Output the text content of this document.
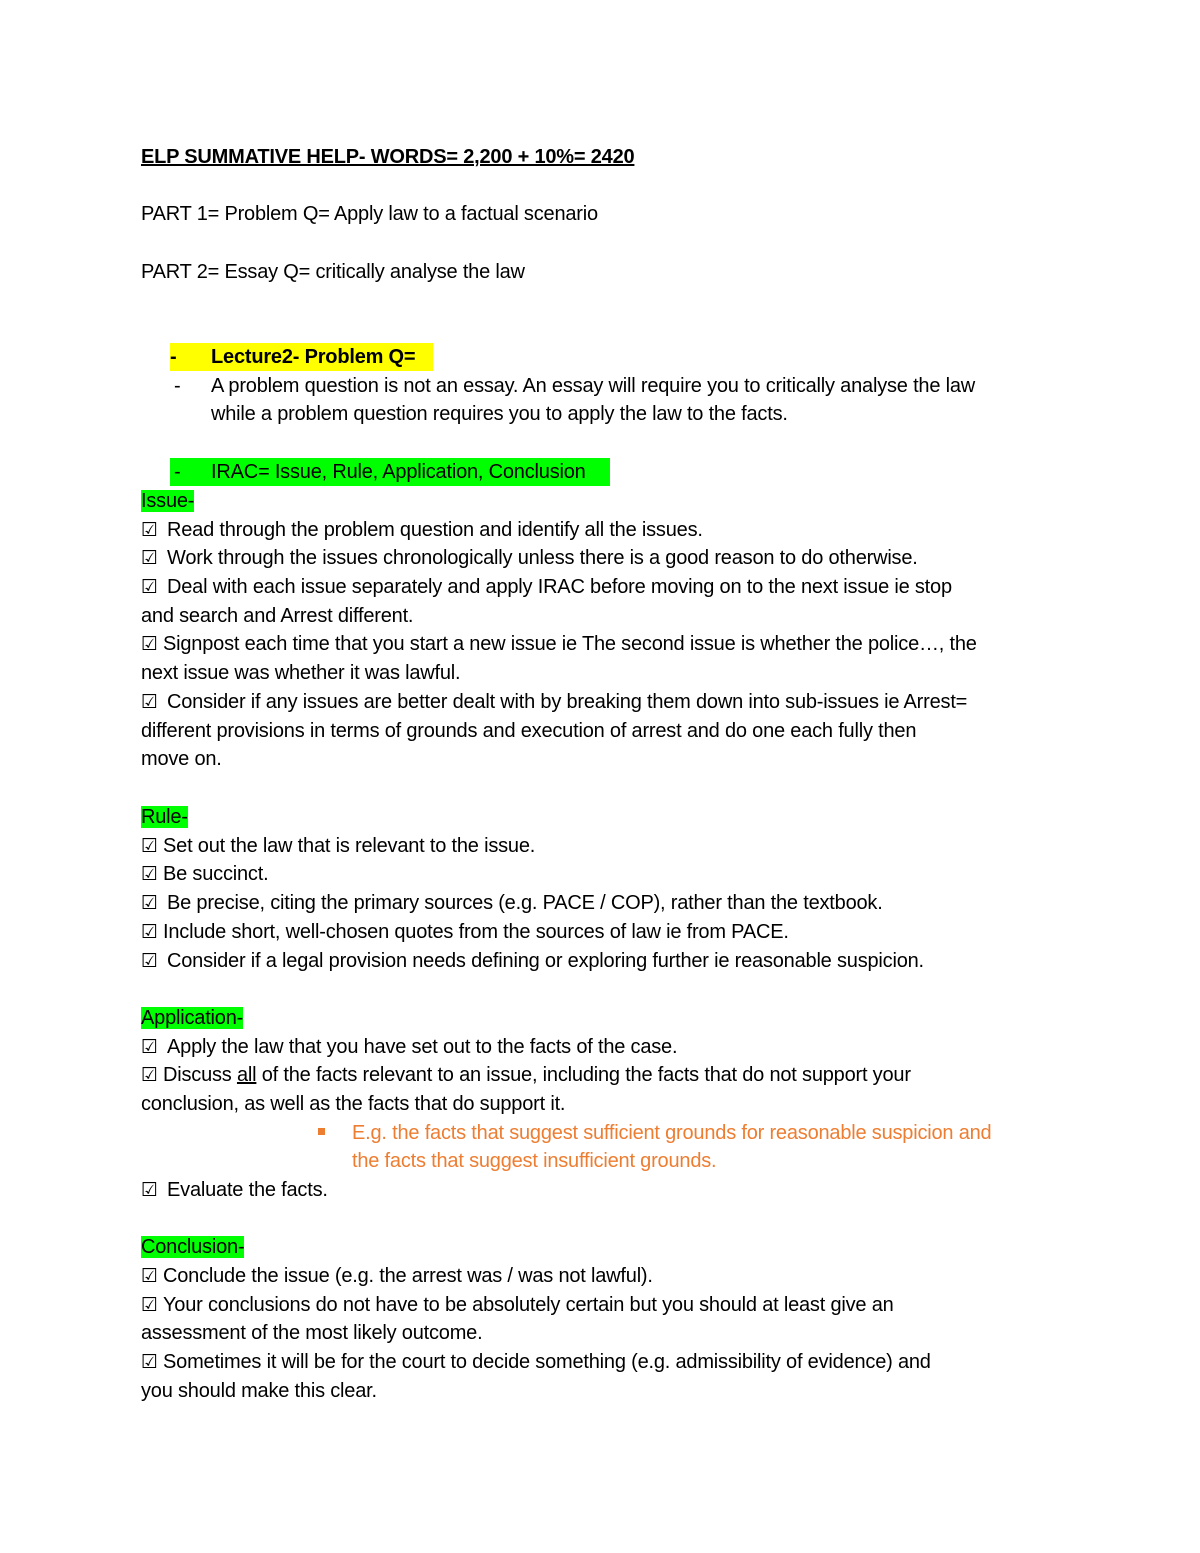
ELP SUMMATIVE HELP- WORDS= 2,200 + 10%= 2420
PART 1= Problem Q= Apply law to a factual scenario
PART 2= Essay Q= critically analyse the law
- Lecture2- Problem Q=
- A problem question is not an essay. An essay will require you to critically analyse the law
while a problem question requires you to apply the law to the facts.
- IRAC= Issue, Rule, Application, Conclusion
Issue-
☑ Read through the problem question and identify all the issues.
☑ Work through the issues chronologically unless there is a good reason to do otherwise.
☑ Deal with each issue separately and apply IRAC before moving on to the next issue ie stop
and search and Arrest different.
☑ Signpost each time that you start a new issue ie The second issue is whether the police…, the
next issue was whether it was lawful.
☑ Consider if any issues are better dealt with by breaking them down into sub-issues ie Arrest=
different provisions in terms of grounds and execution of arrest and do one each fully then
move on.
Rule-
☑ Set out the law that is relevant to the issue.
☑ Be succinct.
☑ Be precise, citing the primary sources (e.g. PACE / COP), rather than the textbook.
☑ Include short, well-chosen quotes from the sources of law ie from PACE.
☑ Consider if a legal provision needs defining or exploring further ie reasonable suspicion.
Application-
☑ Apply the law that you have set out to the facts of the case.
☑ Discuss all of the facts relevant to an issue, including the facts that do not support your
conclusion, as well as the facts that do support it.
E.g. the facts that suggest sufficient grounds for reasonable suspicion and
the facts that suggest insufficient grounds.
☑ Evaluate the facts.
Conclusion-
☑ Conclude the issue (e.g. the arrest was / was not lawful).
☑ Your conclusions do not have to be absolutely certain but you should at least give an
assessment of the most likely outcome.
☑ Sometimes it will be for the court to decide something (e.g. admissibility of evidence) and
you should make this clear.
